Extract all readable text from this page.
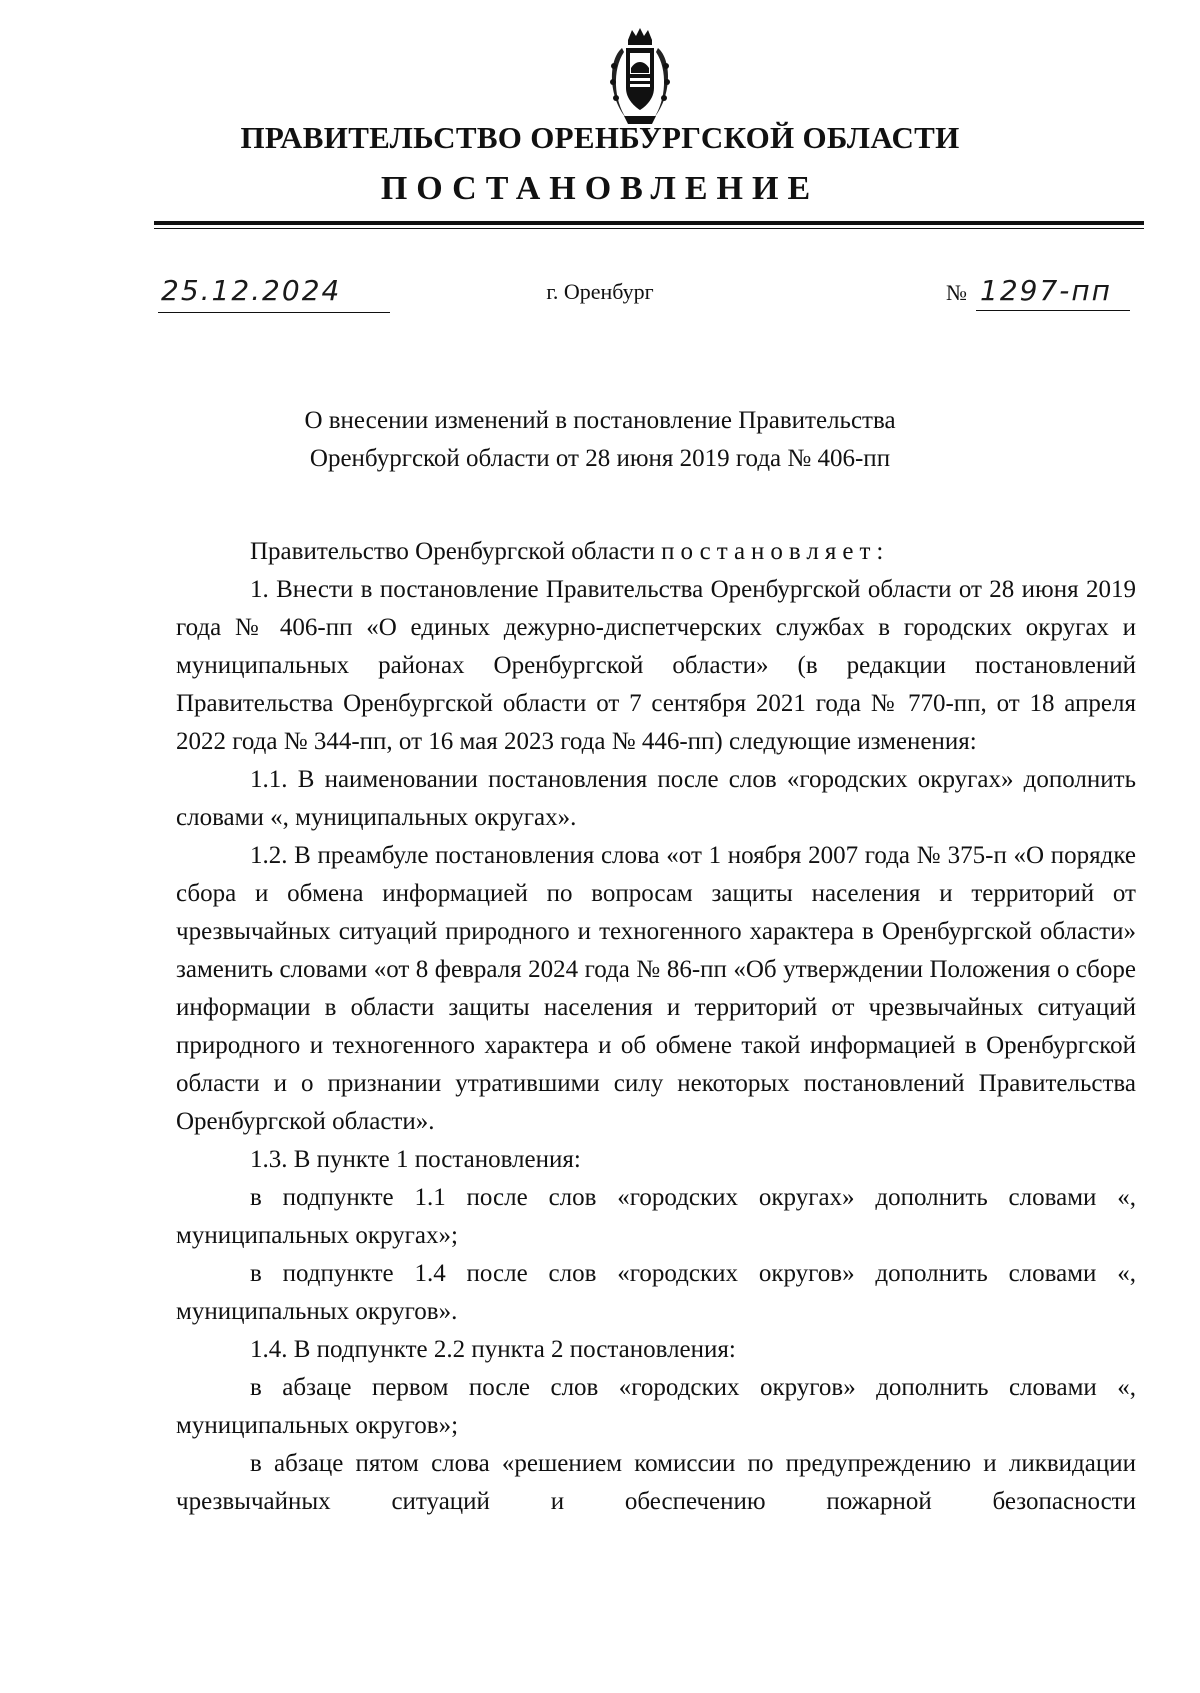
ПРАВИТЕЛЬСТВО ОРЕНБУРГСКОЙ ОБЛАСТИ
ПОСТАНОВЛЕНИЕ
25.12.2024	г. Оренбург	№ 1297-пп
О внесении изменений в постановление Правительства
Оренбургской области от 28 июня 2019 года № 406-пп

Правительство Оренбургской области постановляет:

1. Внести в постановление Правительства Оренбургской области от 28 июня 2019 года № 406-пп «О единых дежурно-диспетчерских службах в городских округах и муниципальных районах Оренбургской области» (в редакции постановлений Правительства Оренбургской области от 7 сентября 2021 года № 770-пп, от 18 апреля 2022 года № 344-пп, от 16 мая 2023 года № 446-пп) следующие изменения:

1.1. В наименовании постановления после слов «городских округах» дополнить словами «, муниципальных округах».

1.2. В преамбуле постановления слова «от 1 ноября 2007 года № 375-п «О порядке сбора и обмена информацией по вопросам защиты населения и территорий от чрезвычайных ситуаций природного и техногенного характера в Оренбургской области» заменить словами «от 8 февраля 2024 года № 86-пп «Об утверждении Положения о сборе информации в области защиты населения и территорий от чрезвычайных ситуаций природного и техногенного характера и об обмене такой информацией в Оренбургской области и о признании утратившими силу некоторых постановлений Правительства Оренбургской области».

1.3. В пункте 1 постановления:

в подпункте 1.1 после слов «городских округах» дополнить словами «, муниципальных округах»;

в подпункте 1.4 после слов «городских округов» дополнить словами «, муниципальных округов».

1.4. В подпункте 2.2 пункта 2 постановления:

в абзаце первом после слов «городских округов» дополнить словами «, муниципальных округов»;

в абзаце пятом слова «решением комиссии по предупреждению и ликвидации чрезвычайных ситуаций и обеспечению пожарной безопасности
